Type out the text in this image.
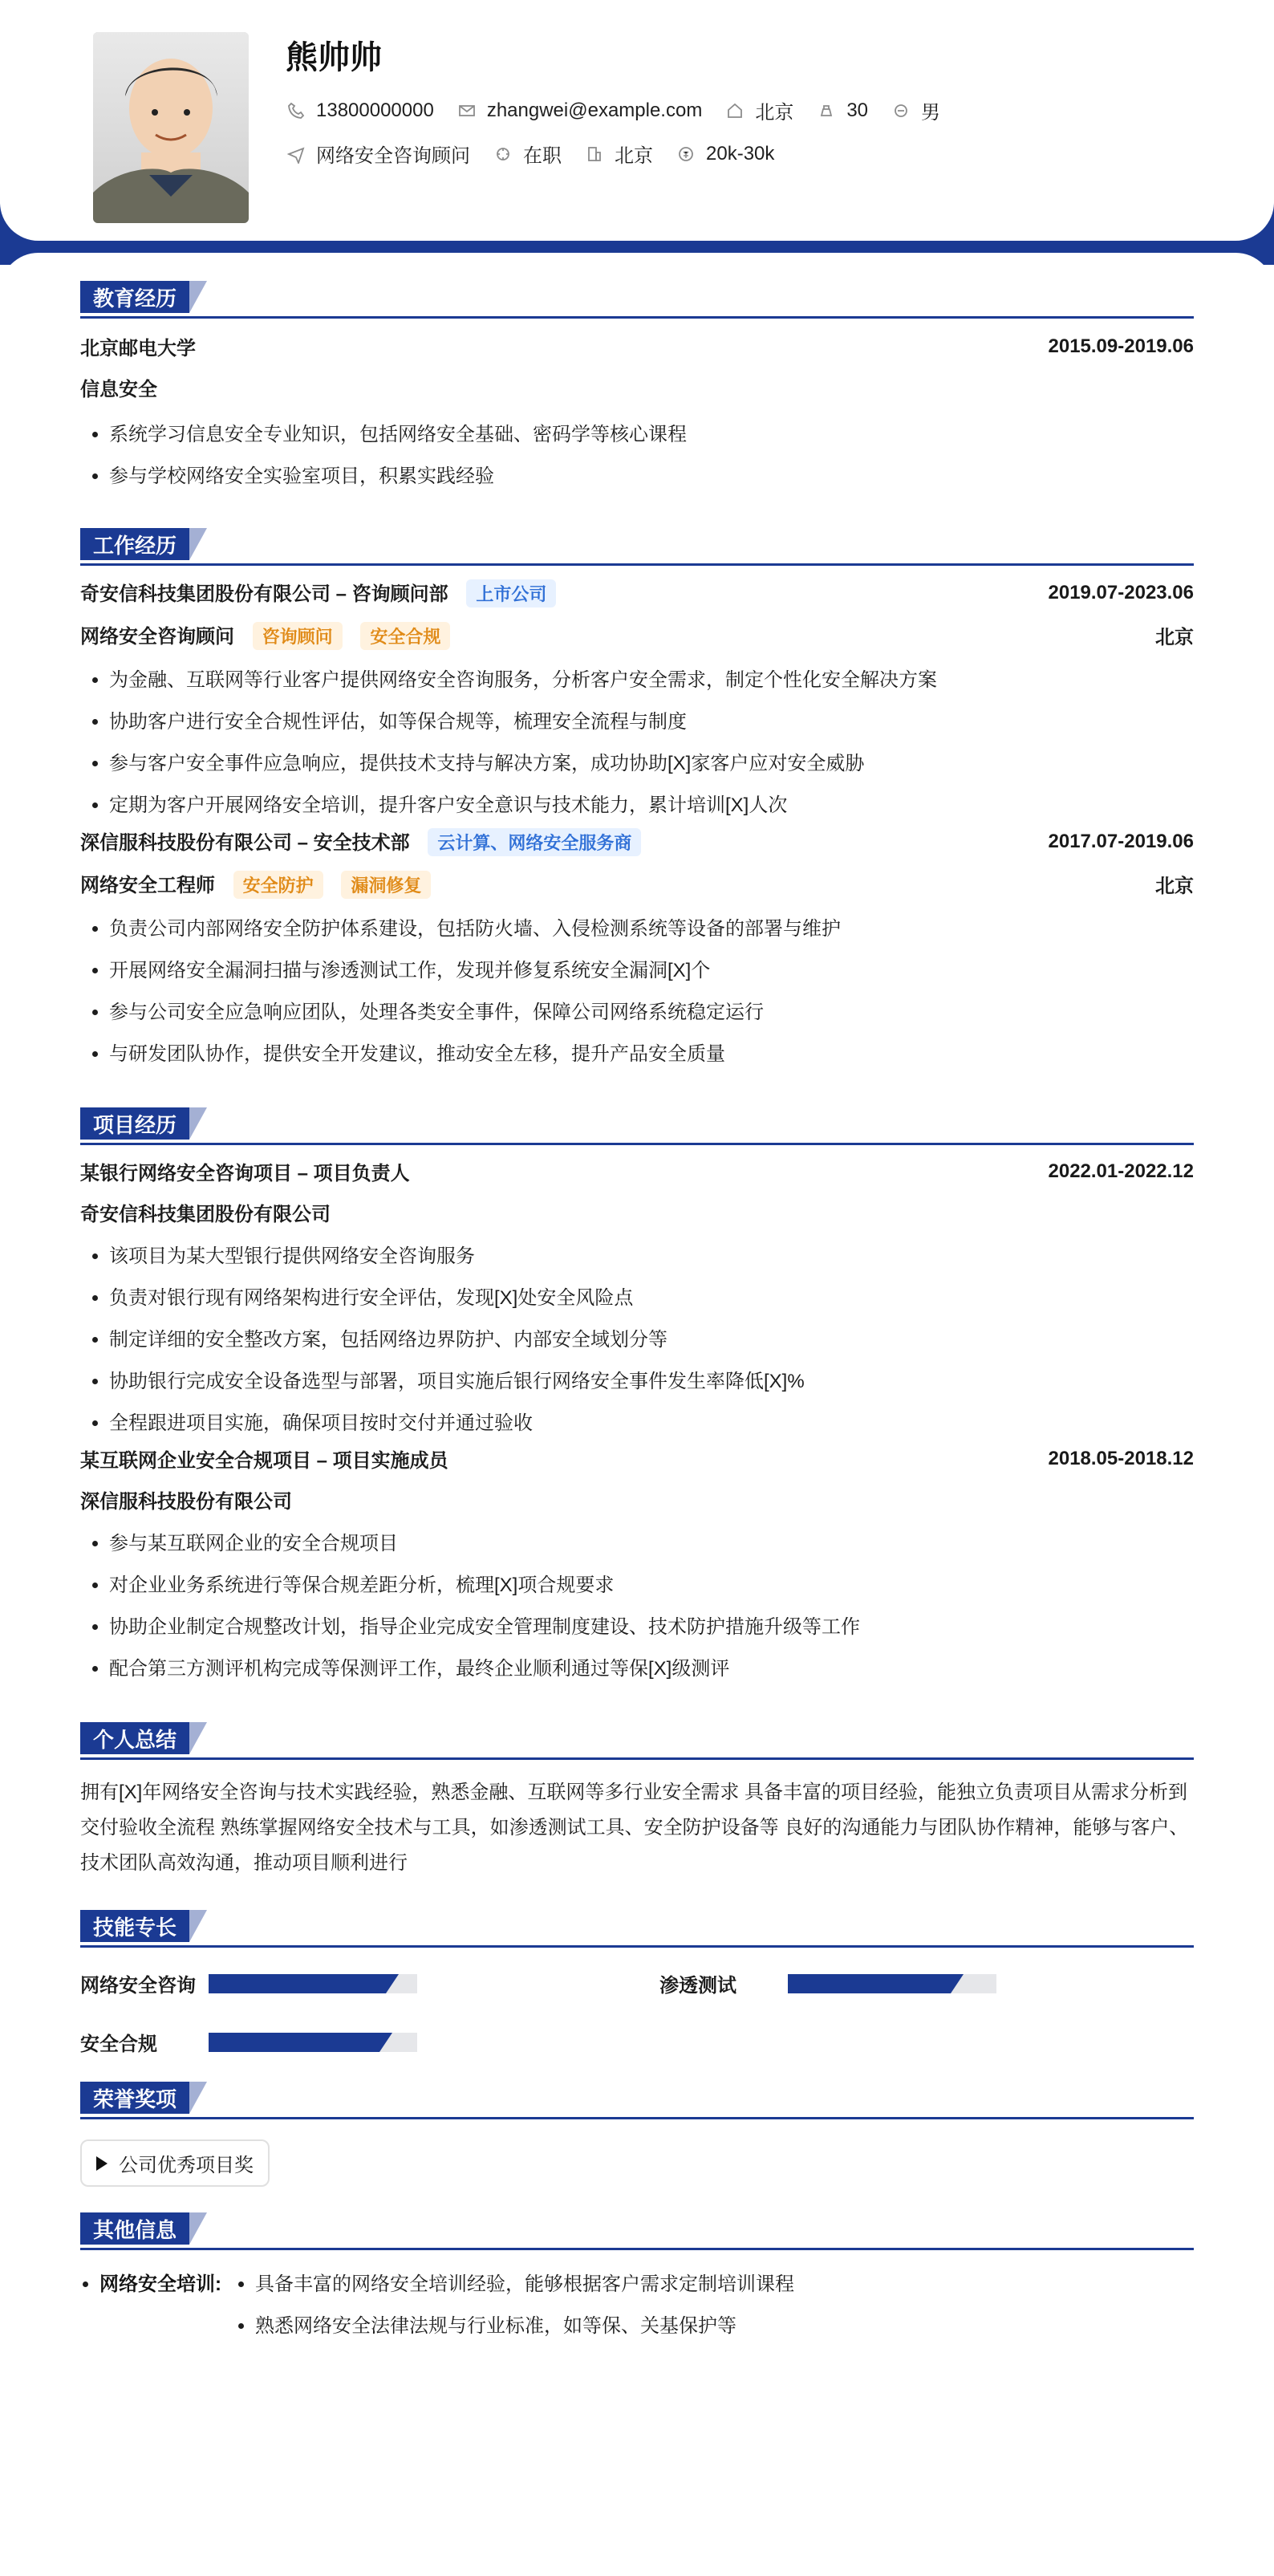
熊帅帅
13800000000	zhangwei@example.com	北京	30	男
网络安全咨询顾问	在职	北京	20k-30k
教育经历
北京邮电大学	2015.09-2019.06
信息安全
• 系统学习信息安全专业知识，包括网络安全基础、密码学等核心课程
• 参与学校网络安全实验室项目，积累实践经验
工作经历
奇安信科技集团股份有限公司 – 咨询顾问部 上市公司	2019.07-2023.06
网络安全咨询顾问 咨询顾问 安全合规	北京
• 为金融、互联网等行业客户提供网络安全咨询服务，分析客户安全需求，制定个性化安全解决方案
• 协助客户进行安全合规性评估，如等保合规等，梳理安全流程与制度
• 参与客户安全事件应急响应，提供技术支持与解决方案，成功协助[X]家客户应对安全威胁
• 定期为客户开展网络安全培训，提升客户安全意识与技术能力，累计培训[X]人次
深信服科技股份有限公司 – 安全技术部 云计算、网络安全服务商	2017.07-2019.06
网络安全工程师 安全防护 漏洞修复	北京
• 负责公司内部网络安全防护体系建设，包括防火墙、入侵检测系统等设备的部署与维护
• 开展网络安全漏洞扫描与渗透测试工作，发现并修复系统安全漏洞[X]个
• 参与公司安全应急响应团队，处理各类安全事件，保障公司网络系统稳定运行
• 与研发团队协作，提供安全开发建议，推动安全左移，提升产品安全质量
项目经历
某银行网络安全咨询项目 – 项目负责人	2022.01-2022.12
奇安信科技集团股份有限公司
• 该项目为某大型银行提供网络安全咨询服务
• 负责对银行现有网络架构进行安全评估，发现[X]处安全风险点
• 制定详细的安全整改方案，包括网络边界防护、内部安全域划分等
• 协助银行完成安全设备选型与部署，项目实施后银行网络安全事件发生率降低[X]%
• 全程跟进项目实施，确保项目按时交付并通过验收
某互联网企业安全合规项目 – 项目实施成员	2018.05-2018.12
深信服科技股份有限公司
• 参与某互联网企业的安全合规项目
• 对企业业务系统进行等保合规差距分析，梳理[X]项合规要求
• 协助企业制定合规整改计划，指导企业完成安全管理制度建设、技术防护措施升级等工作
• 配合第三方测评机构完成等保测评工作，最终企业顺利通过等保[X]级测评
个人总结
拥有[X]年网络安全咨询与技术实践经验，熟悉金融、互联网等多行业安全需求 具备丰富的项目经验，能独立负责项目从需求分析到交付验收全流程 熟练掌握网络安全技术与工具，如渗透测试工具、安全防护设备等 良好的沟通能力与团队协作精神，能够与客户、技术团队高效沟通，推动项目顺利进行
技能专长
网络安全咨询	渗透测试
安全合规
荣誉奖项
公司优秀项目奖
其他信息
• 网络安全培训:
• 具备丰富的网络安全培训经验，能够根据客户需求定制培训课程
• 熟悉网络安全法律法规与行业标准，如等保、关基保护等
